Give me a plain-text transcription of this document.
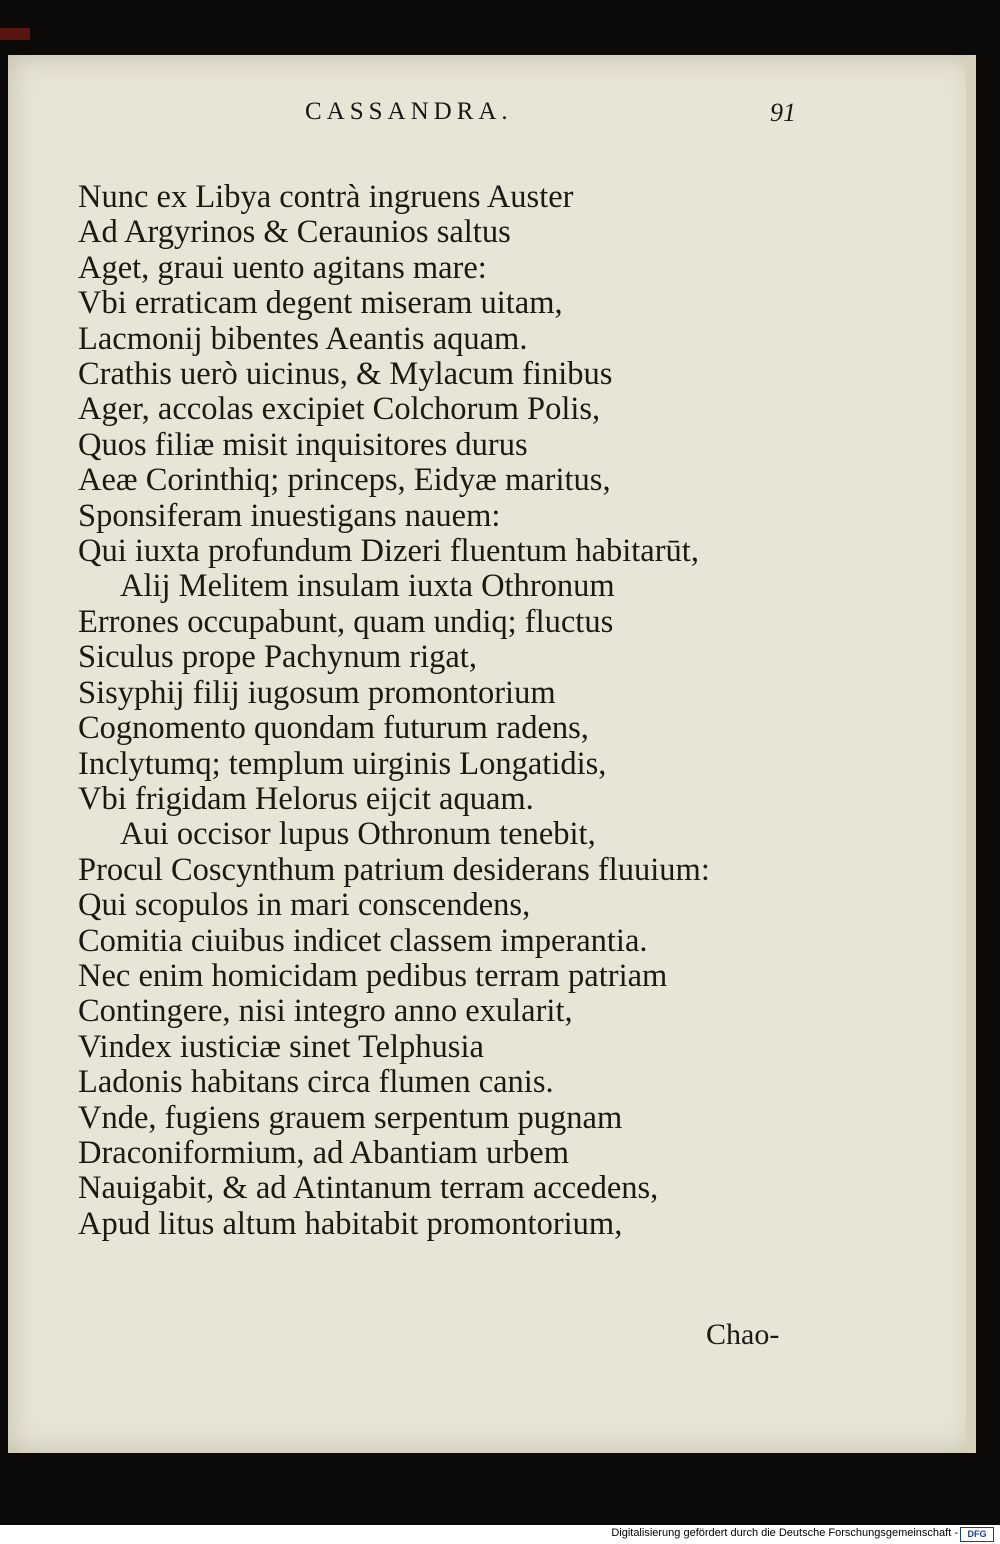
CASSANDRA.	91
Nunc ex Libya contrà ingruens Auster
Ad Argyrinos & Ceraunios saltus
Aget, graui uento agitans mare:
Vbi erraticam degent miseram uitam,
Lacmonij bibentes Aeantis aquam.
Crathis uerò uicinus, & Mylacum finibus
Ager, accolas excipiet Colchorum Polis,
Quos filiæ misit inquisitores durus
Aeæ Corinthiq; princeps, Eidyæ maritus,
Sponsiferam inuestigans nauem:
Qui iuxta profundum Dizeri fluentum habitarūt,
Alij Melitem insulam iuxta Othronum
Errones occupabunt, quam undiq; fluctus
Siculus prope Pachynum rigat,
Sisyphij filij iugosum promontorium
Cognomento quondam futurum radens,
Inclytumq; templum uirginis Longatidis,
Vbi frigidam Helorus eijcit aquam.
Aui occisor lupus Othronum tenebit,
Procul Coscynthum patrium desiderans fluuium:
Qui scopulos in mari conscendens,
Comitia ciuibus indicet classem imperantia.
Nec enim homicidam pedibus terram patriam
Contingere, nisi integro anno exularit,
Vindex iusticiæ sinet Telphusia
Ladonis habitans circa flumen canis.
Vnde, fugiens grauem serpentum pugnam
Draconiformium, ad Abantiam urbem
Nauigabit, & ad Atintanum terram accedens,
Apud litus altum habitabit promontorium,
Chao-
Digitalisierung gefördert durch die Deutsche Forschungsgemeinschaft -	DFG
